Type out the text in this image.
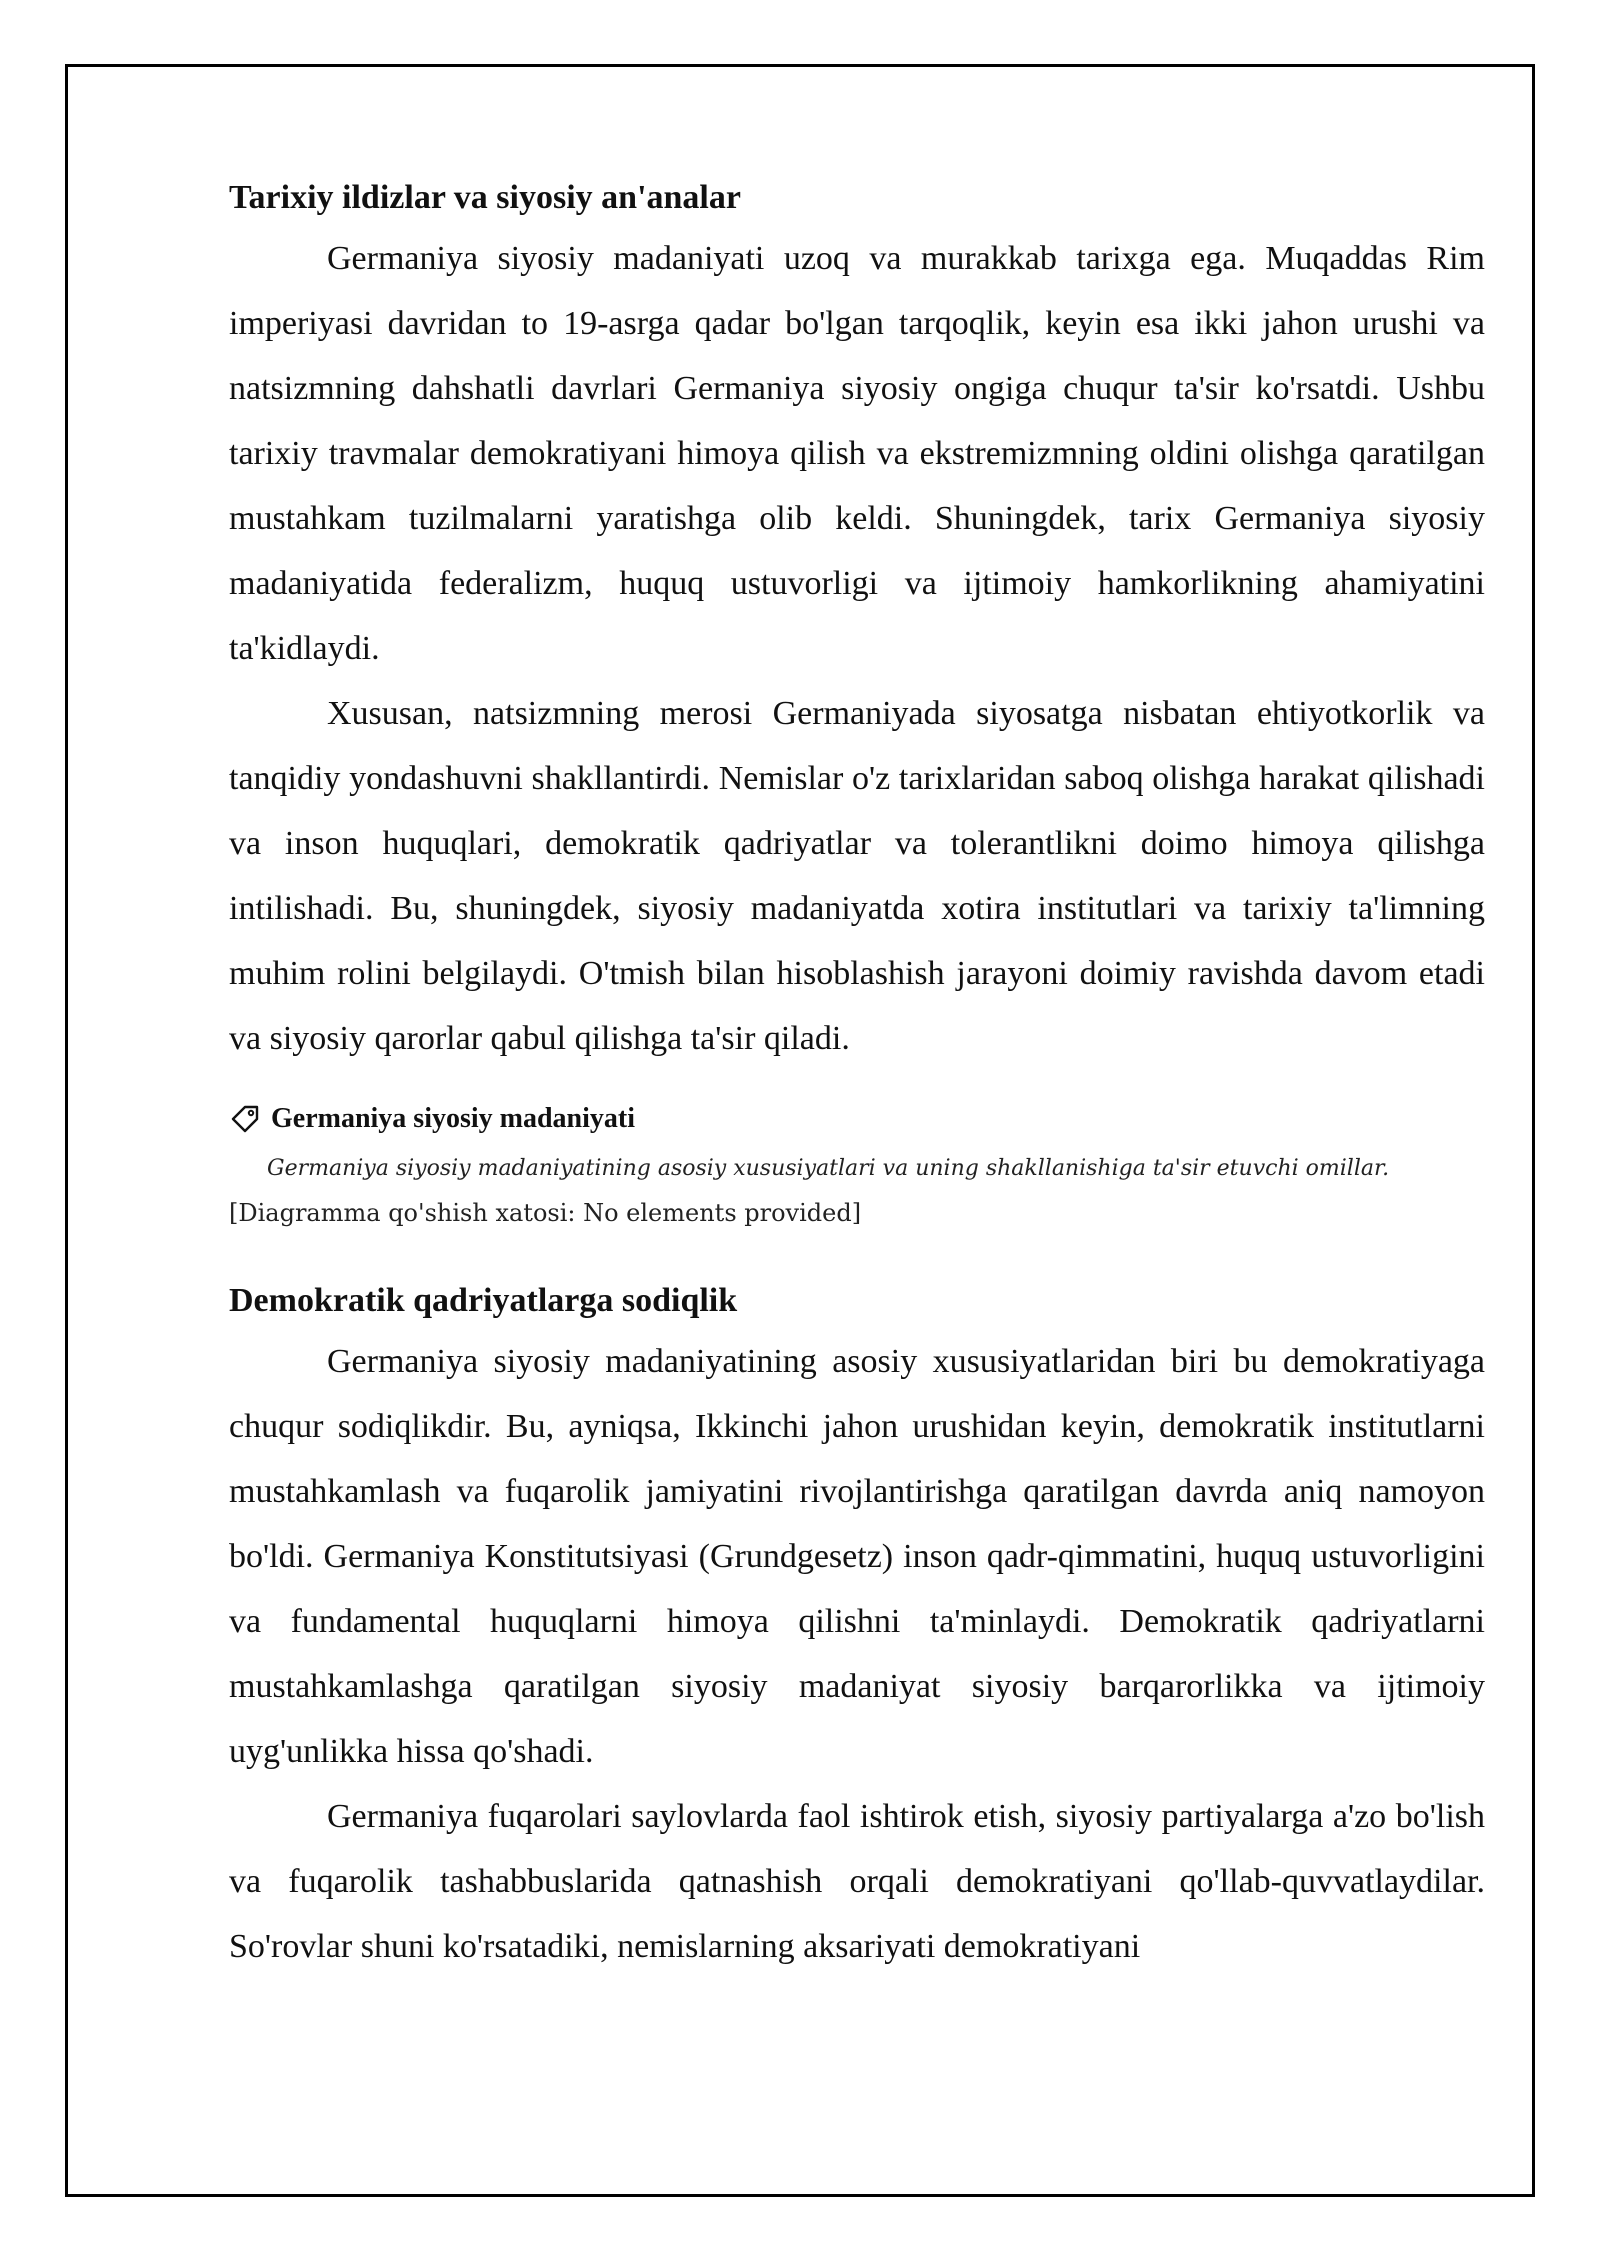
Tarixiy ildizlar va siyosiy an'analar

Germaniya siyosiy madaniyati uzoq va murakkab tarixga ega. Muqaddas Rim imperiyasi davridan to 19-asrga qadar bo'lgan tarqoqlik, keyin esa ikki jahon urushi va natsizmning dahshatli davrlari Germaniya siyosiy ongiga chuqur ta'sir ko'rsatdi. Ushbu tarixiy travmalar demokratiyani himoya qilish va ekstremizmning oldini olishga qaratilgan mustahkam tuzilmalarni yaratishga olib keldi. Shuningdek, tarix Germaniya siyosiy madaniyatida federalizm, huquq ustuvorligi va ijtimoiy hamkorlikning ahamiyatini ta'kidlaydi.

Xususan, natsizmning merosi Germaniyada siyosatga nisbatan ehtiyotkorlik va tanqidiy yondashuvni shakllantirdi. Nemislar o'z tarixlaridan saboq olishga harakat qilishadi va inson huquqlari, demokratik qadriyatlar va tolerantlikni doimo himoya qilishga intilishadi. Bu, shuningdek, siyosiy madaniyatda xotira institutlari va tarixiy ta'limning muhim rolini belgilaydi. O'tmish bilan hisoblashish jarayoni doimiy ravishda davom etadi va siyosiy qarorlar qabul qilishga ta'sir qiladi.

Germaniya siyosiy madaniyati
Germaniya siyosiy madaniyatining asosiy xususiyatlari va uning shakllanishiga ta'sir etuvchi omillar.
[Diagramma qo'shish xatosi: No elements provided]
Demokratik qadriyatlarga sodiqlik

Germaniya siyosiy madaniyatining asosiy xususiyatlaridan biri bu demokratiyaga chuqur sodiqlikdir. Bu, ayniqsa, Ikkinchi jahon urushidan keyin, demokratik institutlarni mustahkamlash va fuqarolik jamiyatini rivojlantirishga qaratilgan davrda aniq namoyon bo'ldi. Germaniya Konstitutsiyasi (Grundgesetz) inson qadr-qimmatini, huquq ustuvorligini va fundamental huquqlarni himoya qilishni ta'minlaydi. Demokratik qadriyatlarni mustahkamlashga qaratilgan siyosiy madaniyat siyosiy barqarorlikka va ijtimoiy uyg'unlikka hissa qo'shadi.

Germaniya fuqarolari saylovlarda faol ishtirok etish, siyosiy partiyalarga a'zo bo'lish va fuqarolik tashabbuslarida qatnashish orqali demokratiyani qo'llab-quvvatlaydilar. So'rovlar shuni ko'rsatadiki, nemislarning aksariyati demokratiyani
